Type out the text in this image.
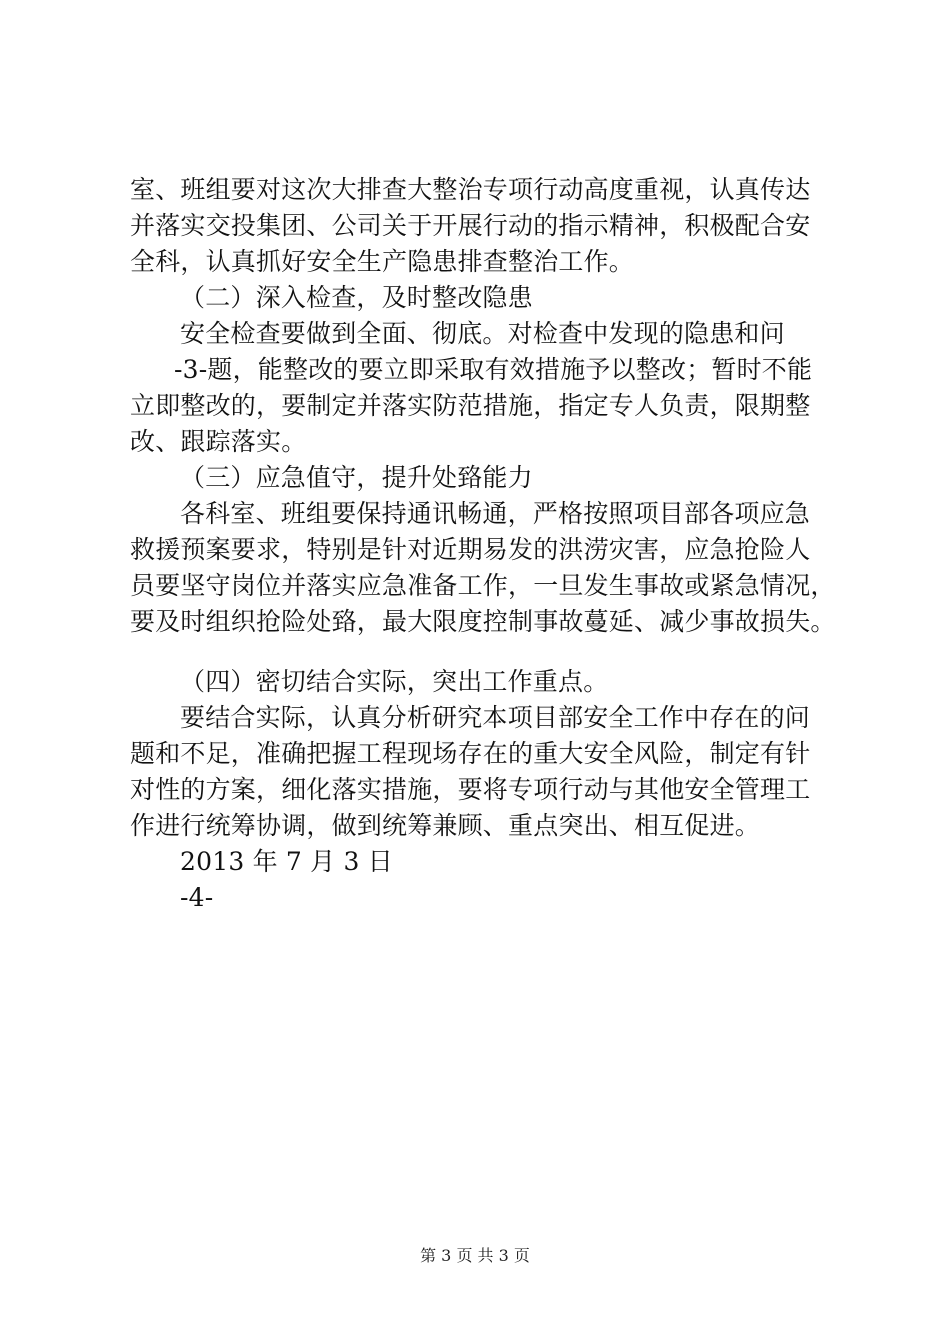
室、班组要对这次大排查大整治专项行动高度重视，认真传达
并落实交投集团、公司关于开展行动的指示精神，积极配合安
全科，认真抓好安全生产隐患排查整治工作。
（二）深入检查，及时整改隐患
安全检查要做到全面、彻底。对检查中发现的隐患和问
-3-题，能整改的要立即采取有效措施予以整改；暂时不能
立即整改的，要制定并落实防范措施，指定专人负责，限期整
改、跟踪落实。
（三）应急值守，提升处臵能力
各科室、班组要保持通讯畅通，严格按照项目部各项应急
救援预案要求，特别是针对近期易发的洪涝灾害，应急抢险人
员要坚守岗位并落实应急准备工作，一旦发生事故或紧急情况，
要及时组织抢险处臵，最大限度控制事故蔓延、减少事故损失。
（四）密切结合实际，突出工作重点。
要结合实际，认真分析研究本项目部安全工作中存在的问
题和不足，准确把握工程现场存在的重大安全风险，制定有针
对性的方案，细化落实措施，要将专项行动与其他安全管理工
作进行统筹协调，做到统筹兼顾、重点突出、相互促进。
2013 年 7 月 3 日
-4-
第 3 页 共 3 页
